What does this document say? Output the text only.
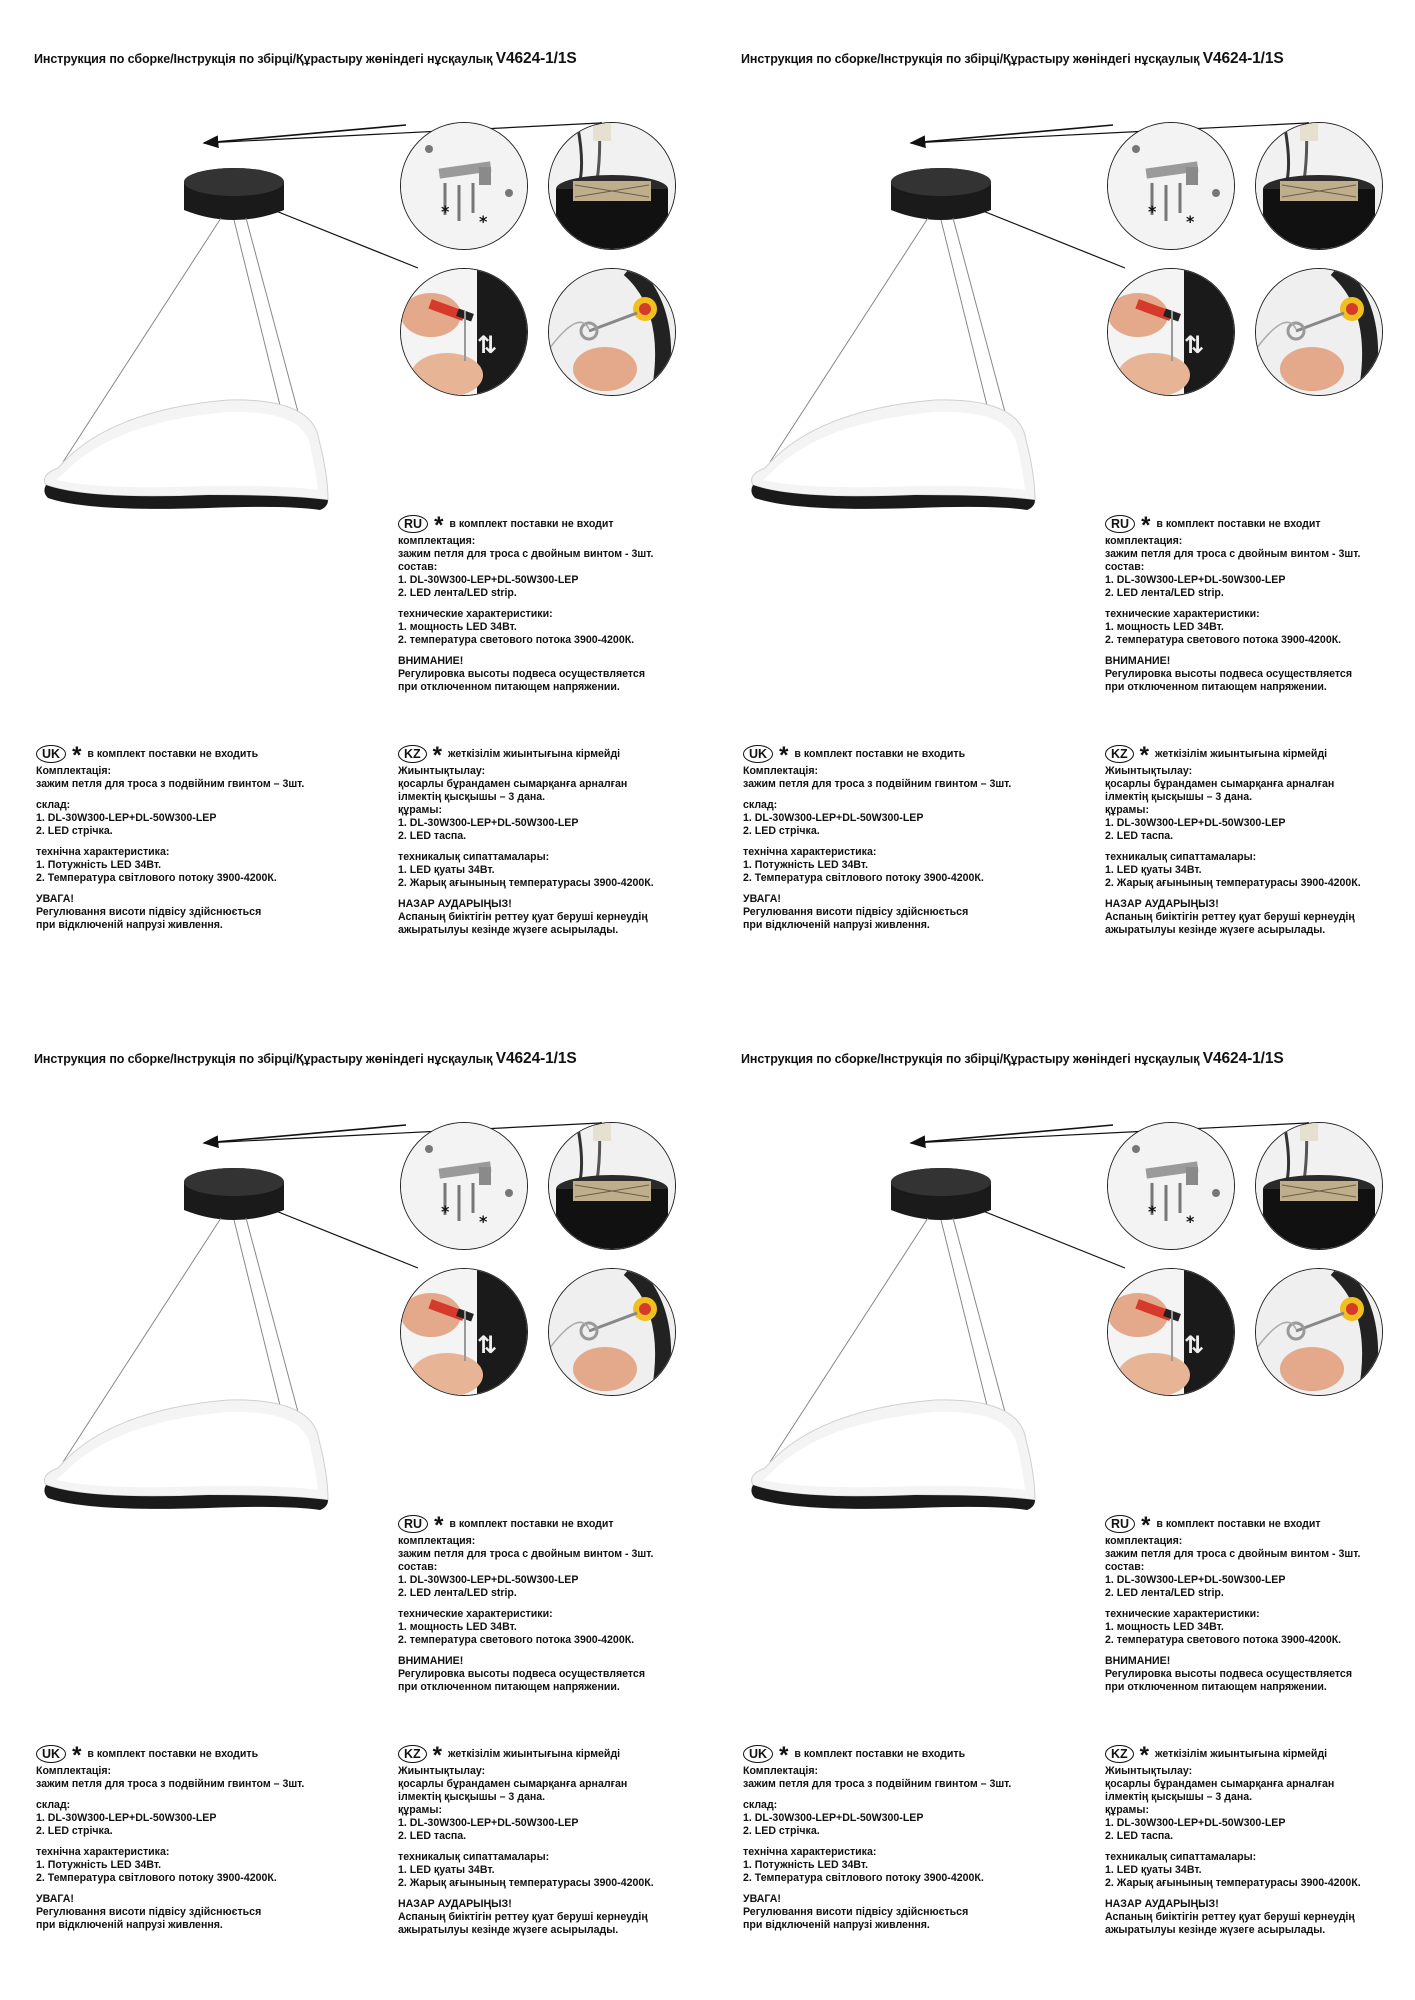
Инструкция по сборке/Інструкція по збірці/Құрастыру жөніндегі нұсқаулық V4624-1/1S
*
*
⇅
RU * в комплект поставки не входит

комплектация:

зажим петля для троса с двойным винтом - 3шт.

состав:

1. DL-30W300-LEP+DL-50W300-LEP

2. LED лента/LED strip.

технические характеристики:

1. мощность LED 34Вт.

2. температура светового потока 3900-4200К.

ВНИМАНИЕ!

Регулировка высоты подвеса осуществляется

при отключенном питающем напряжении.

UK * в комплект поставки не входить

Комплектація:

зажим петля для троса з подвійним гвинтом – 3шт.

склад:

1. DL-30W300-LEP+DL-50W300-LEP

2. LED стрічка.

технічна характеристика:

1. Потужність LED 34Вт.

2. Температура світлового потоку 3900-4200К.

УВАГА!

Регулювання висоти підвісу здійснюється

при відключеній напрузі живлення.

KZ * жеткізілім жиынтығына кірмейді

Жиынтықтылау:

қосарлы бұрандамен сымарқанға арналған

ілмектің қысқышы – 3 дана.

құрамы:

1. DL-30W300-LEP+DL-50W300-LEP

2. LED таспа.

техникалық сипаттамалары:

1. LED қуаты 34Вт.

2. Жарық ағынының температурасы 3900-4200К.

НАЗАР АУДАРЫҢЫЗ!

Аспаның биіктігін реттеу қуат беруші кернеудің

ажыратылуы кезінде жүзеге асырылады.

Инструкция по сборке/Інструкція по збірці/Құрастыру жөніндегі нұсқаулық V4624-1/1S
*
*
⇅
RU * в комплект поставки не входит

комплектация:

зажим петля для троса с двойным винтом - 3шт.

состав:

1. DL-30W300-LEP+DL-50W300-LEP

2. LED лента/LED strip.

технические характеристики:

1. мощность LED 34Вт.

2. температура светового потока 3900-4200К.

ВНИМАНИЕ!

Регулировка высоты подвеса осуществляется

при отключенном питающем напряжении.

UK * в комплект поставки не входить

Комплектація:

зажим петля для троса з подвійним гвинтом – 3шт.

склад:

1. DL-30W300-LEP+DL-50W300-LEP

2. LED стрічка.

технічна характеристика:

1. Потужність LED 34Вт.

2. Температура світлового потоку 3900-4200К.

УВАГА!

Регулювання висоти підвісу здійснюється

при відключеній напрузі живлення.

KZ * жеткізілім жиынтығына кірмейді

Жиынтықтылау:

қосарлы бұрандамен сымарқанға арналған

ілмектің қысқышы – 3 дана.

құрамы:

1. DL-30W300-LEP+DL-50W300-LEP

2. LED таспа.

техникалық сипаттамалары:

1. LED қуаты 34Вт.

2. Жарық ағынының температурасы 3900-4200К.

НАЗАР АУДАРЫҢЫЗ!

Аспаның биіктігін реттеу қуат беруші кернеудің

ажыратылуы кезінде жүзеге асырылады.

Инструкция по сборке/Інструкція по збірці/Құрастыру жөніндегі нұсқаулық V4624-1/1S
*
*
⇅
RU * в комплект поставки не входит

комплектация:

зажим петля для троса с двойным винтом - 3шт.

состав:

1. DL-30W300-LEP+DL-50W300-LEP

2. LED лента/LED strip.

технические характеристики:

1. мощность LED 34Вт.

2. температура светового потока 3900-4200К.

ВНИМАНИЕ!

Регулировка высоты подвеса осуществляется

при отключенном питающем напряжении.

UK * в комплект поставки не входить

Комплектація:

зажим петля для троса з подвійним гвинтом – 3шт.

склад:

1. DL-30W300-LEP+DL-50W300-LEP

2. LED стрічка.

технічна характеристика:

1. Потужність LED 34Вт.

2. Температура світлового потоку 3900-4200К.

УВАГА!

Регулювання висоти підвісу здійснюється

при відключеній напрузі живлення.

KZ * жеткізілім жиынтығына кірмейді

Жиынтықтылау:

қосарлы бұрандамен сымарқанға арналған

ілмектің қысқышы – 3 дана.

құрамы:

1. DL-30W300-LEP+DL-50W300-LEP

2. LED таспа.

техникалық сипаттамалары:

1. LED қуаты 34Вт.

2. Жарық ағынының температурасы 3900-4200К.

НАЗАР АУДАРЫҢЫЗ!

Аспаның биіктігін реттеу қуат беруші кернеудің

ажыратылуы кезінде жүзеге асырылады.

Инструкция по сборке/Інструкція по збірці/Құрастыру жөніндегі нұсқаулық V4624-1/1S
*
*
⇅
RU * в комплект поставки не входит

комплектация:

зажим петля для троса с двойным винтом - 3шт.

состав:

1. DL-30W300-LEP+DL-50W300-LEP

2. LED лента/LED strip.

технические характеристики:

1. мощность LED 34Вт.

2. температура светового потока 3900-4200К.

ВНИМАНИЕ!

Регулировка высоты подвеса осуществляется

при отключенном питающем напряжении.

UK * в комплект поставки не входить

Комплектація:

зажим петля для троса з подвійним гвинтом – 3шт.

склад:

1. DL-30W300-LEP+DL-50W300-LEP

2. LED стрічка.

технічна характеристика:

1. Потужність LED 34Вт.

2. Температура світлового потоку 3900-4200К.

УВАГА!

Регулювання висоти підвісу здійснюється

при відключеній напрузі живлення.

KZ * жеткізілім жиынтығына кірмейді

Жиынтықтылау:

қосарлы бұрандамен сымарқанға арналған

ілмектің қысқышы – 3 дана.

құрамы:

1. DL-30W300-LEP+DL-50W300-LEP

2. LED таспа.

техникалық сипаттамалары:

1. LED қуаты 34Вт.

2. Жарық ағынының температурасы 3900-4200К.

НАЗАР АУДАРЫҢЫЗ!

Аспаның биіктігін реттеу қуат беруші кернеудің

ажыратылуы кезінде жүзеге асырылады.
